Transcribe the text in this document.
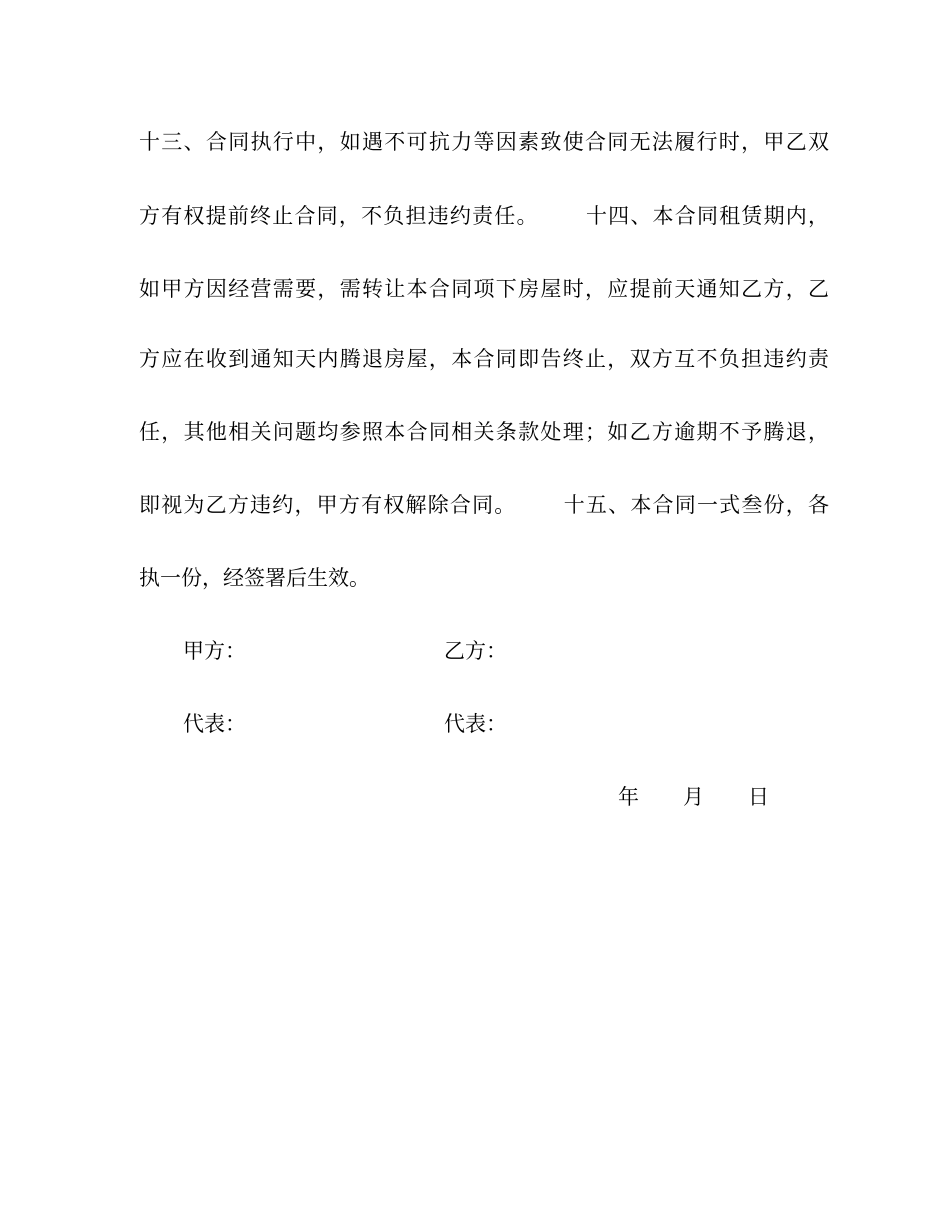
十三、合同执行中，如遇不可抗力等因素致使合同无法履行时，甲乙双
方有权提前终止合同，不负担违约责任。 十四、本合同租赁期内，
如甲方因经营需要，需转让本合同项下房屋时，应提前天通知乙方，乙
方应在收到通知天内腾退房屋，本合同即告终止，双方互不负担违约责
任，其他相关问题均参照本合同相关条款处理；如乙方逾期不予腾退，
即视为乙方违约，甲方有权解除合同。 十五、本合同一式叁份，各
执一份，经签署后生效。
甲方：	乙方：
代表：	代表：
年 月 日
